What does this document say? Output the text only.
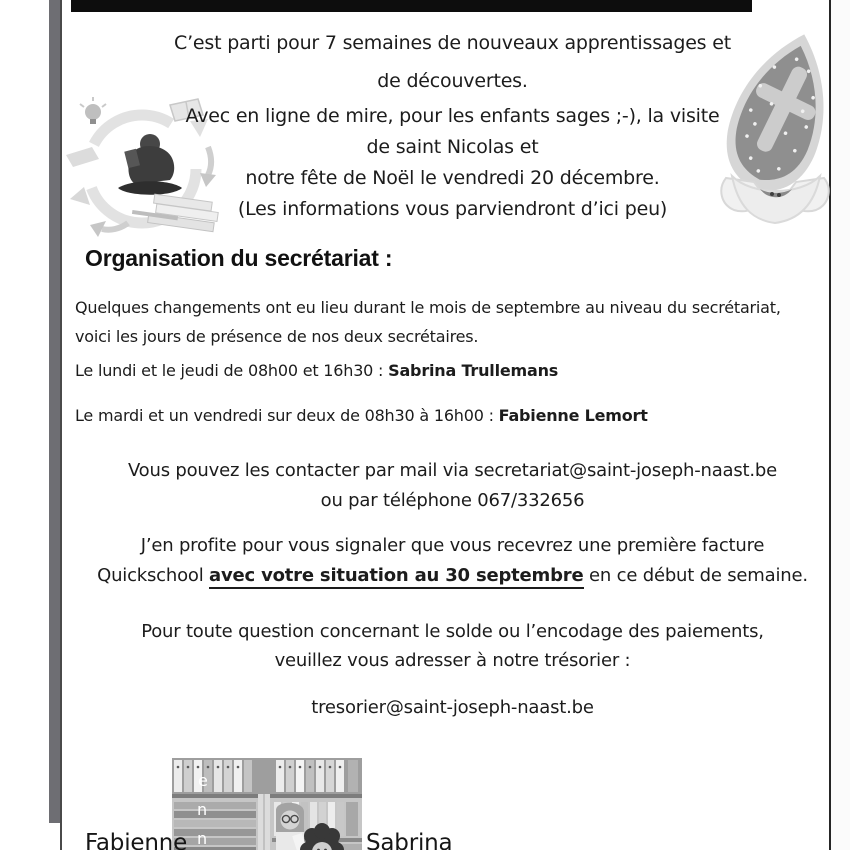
C’est parti pour 7 semaines de nouveaux apprentissages et
de découvertes.
Avec en ligne de mire, pour les enfants sages ;-), la visite
de saint Nicolas et
notre fête de Noël le vendredi 20 décembre.
(Les informations vous parviendront d’ici peu)
Organisation du secrétariat :
Quelques changements ont eu lieu durant le mois de septembre au niveau du secrétariat,
voici les jours de présence de nos deux secrétaires.
Le lundi et le jeudi de 08h00 et 16h30 : Sabrina Trullemans
Le mardi et un vendredi sur deux de 08h30 à 16h00 : Fabienne Lemort
Vous pouvez les contacter par mail via secretariat@saint-joseph-naast.be
ou par téléphone 067/332656
J’en profite pour vous signaler que vous recevrez une première facture
Quickschool avec votre situation au 30 septembre en ce début de semaine.
Pour toute question concernant le solde ou l’encodage des paiements,
veuillez vous adresser à notre trésorier :
tresorier@saint-joseph-naast.be
e
n
n
Fabienne	Sabrina
